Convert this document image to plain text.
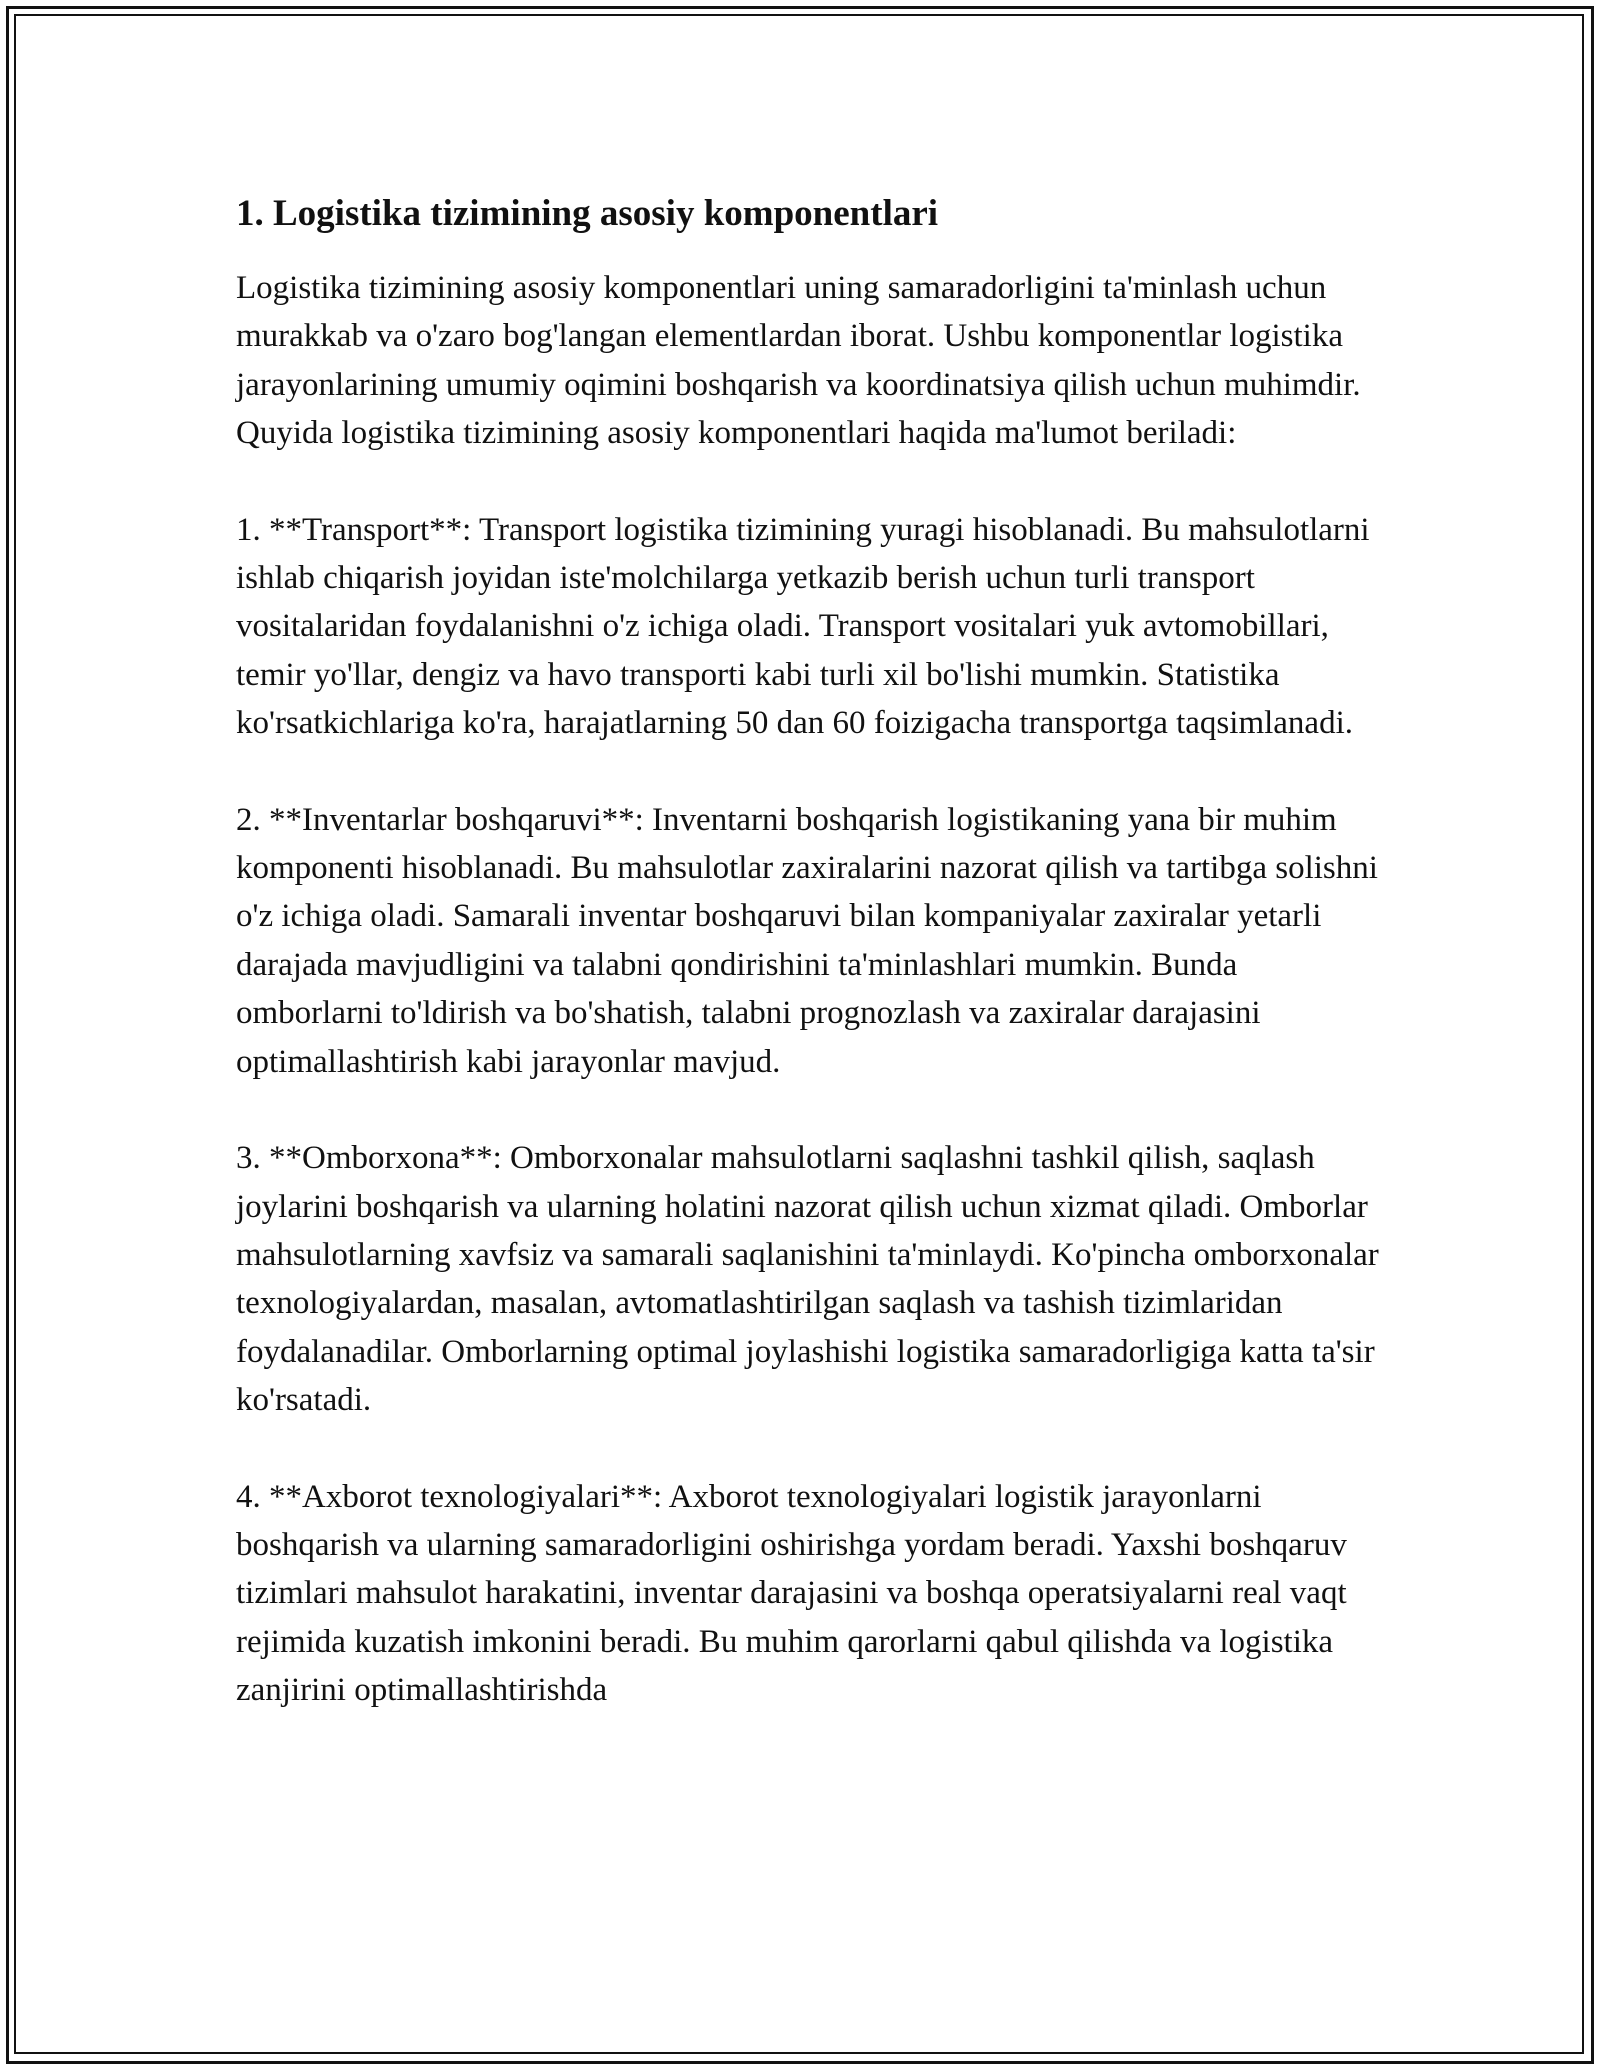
1. Logistika tizimining asosiy komponentlari

Logistika tizimining asosiy komponentlari uning samaradorligini ta'minlash uchun murakkab va o'zaro bog'langan elementlardan iborat. Ushbu komponentlar logistika jarayonlarining umumiy oqimini boshqarish va koordinatsiya qilish uchun muhimdir. Quyida logistika tizimining asosiy komponentlari haqida ma'lumot beriladi:

1. **Transport**: Transport logistika tizimining yuragi hisoblanadi. Bu mahsulotlarni ishlab chiqarish joyidan iste'molchilarga yetkazib berish uchun turli transport vositalaridan foydalanishni o'z ichiga oladi. Transport vositalari yuk avtomobillari, temir yo'llar, dengiz va havo transporti kabi turli xil bo'lishi mumkin. Statistika ko'rsatkichlariga ko'ra, harajatlarning 50 dan 60 foizigacha transportga taqsimlanadi.

2. **Inventarlar boshqaruvi**: Inventarni boshqarish logistikaning yana bir muhim komponenti hisoblanadi. Bu mahsulotlar zaxiralarini nazorat qilish va tartibga solishni o'z ichiga oladi. Samarali inventar boshqaruvi bilan kompaniyalar zaxiralar yetarli darajada mavjudligini va talabni qondirishini ta'minlashlari mumkin. Bunda omborlarni to'ldirish va bo'shatish, talabni prognozlash va zaxiralar darajasini optimallashtirish kabi jarayonlar mavjud.

3. **Omborxona**: Omborxonalar mahsulotlarni saqlashni tashkil qilish, saqlash joylarini boshqarish va ularning holatini nazorat qilish uchun xizmat qiladi. Omborlar mahsulotlarning xavfsiz va samarali saqlanishini ta'minlaydi. Ko'pincha omborxonalar texnologiyalardan, masalan, avtomatlashtirilgan saqlash va tashish tizimlaridan foydalanadilar. Omborlarning optimal joylashishi logistika samaradorligiga katta ta'sir ko'rsatadi.

4. **Axborot texnologiyalari**: Axborot texnologiyalari logistik jarayonlarni boshqarish va ularning samaradorligini oshirishga yordam beradi. Yaxshi boshqaruv tizimlari mahsulot harakatini, inventar darajasini va boshqa operatsiyalarni real vaqt rejimida kuzatish imkonini beradi. Bu muhim qarorlarni qabul qilishda va logistika zanjirini optimallashtirishda
